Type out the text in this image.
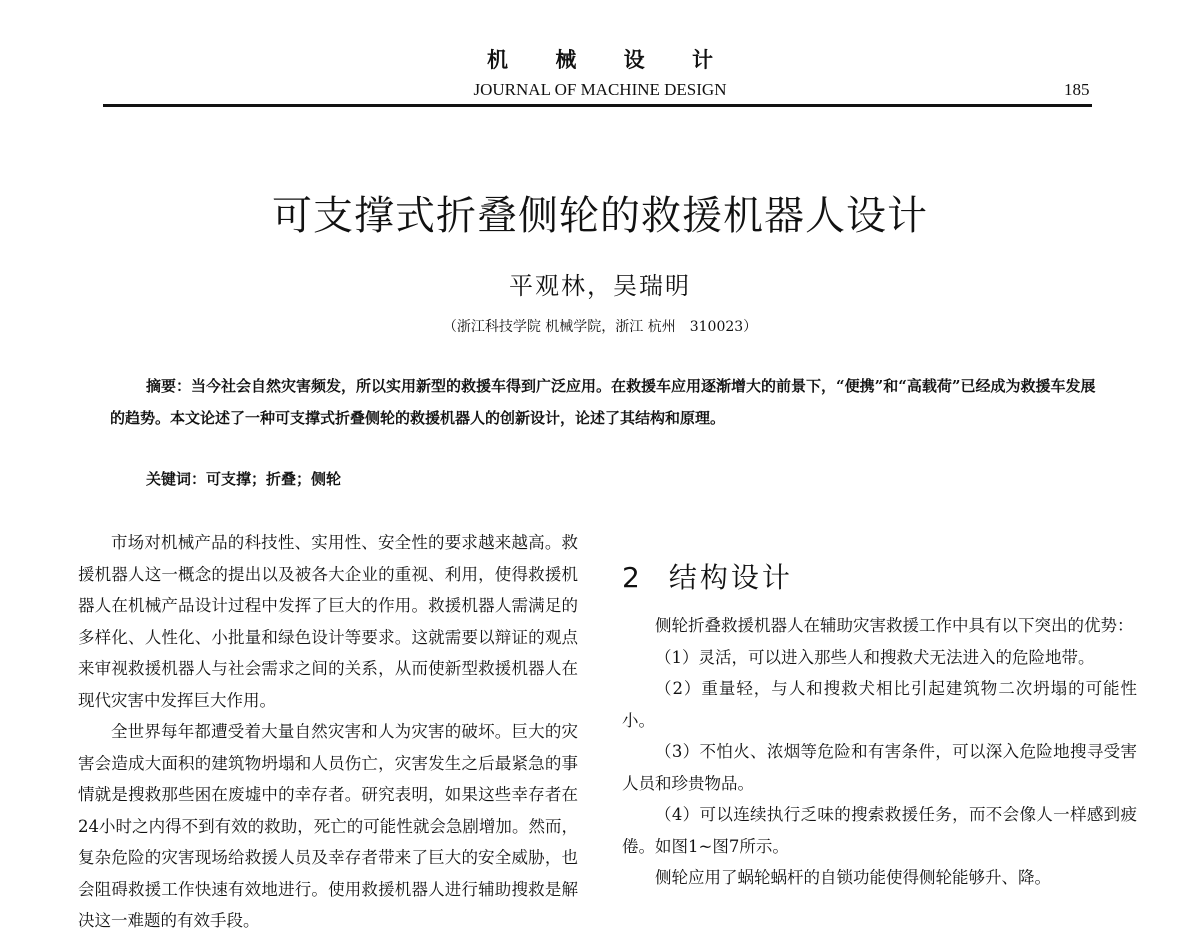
机 械 设 计
JOURNAL OF MACHINE DESIGN	185
可支撑式折叠侧轮的救援机器人设计
平观林，吴瑞明
（浙江科技学院 机械学院，浙江 杭州　310023）
摘要：当今社会自然灾害频发，所以实用新型的救援车得到广泛应用。在救援车应用逐渐增大的前景下，“便携”和“高载荷”已经成为救援车发展的趋势。本文论述了一种可支撑式折叠侧轮的救援机器人的创新设计，论述了其结构和原理。
关键词：可支撑；折叠；侧轮

市场对机械产品的科技性、实用性、安全性的要求越来越高。救援机器人这一概念的提出以及被各大企业的重视、利用，使得救援机器人在机械产品设计过程中发挥了巨大的作用。救援机器人需满足的多样化、人性化、小批量和绿色设计等要求。这就需要以辩证的观点来审视救援机器人与社会需求之间的关系，从而使新型救援机器人在现代灾害中发挥巨大作用。

全世界每年都遭受着大量自然灾害和人为灾害的破坏。巨大的灾害会造成大面积的建筑物坍塌和人员伤亡，灾害发生之后最紧急的事情就是搜救那些困在废墟中的幸存者。研究表明，如果这些幸存者在24小时之内得不到有效的救助，死亡的可能性就会急剧增加。然而，复杂危险的灾害现场给救援人员及幸存者带来了巨大的安全威胁，也会阻碍救援工作快速有效地进行。使用救援机器人进行辅助搜救是解决这一难题的有效手段。

2 结构设计

侧轮折叠救援机器人在辅助灾害救援工作中具有以下突出的优势：

（1）灵活，可以进入那些人和搜救犬无法进入的危险地带。

（2）重量轻，与人和搜救犬相比引起建筑物二次坍塌的可能性小。

（3）不怕火、浓烟等危险和有害条件，可以深入危险地搜寻受害人员和珍贵物品。

（4）可以连续执行乏味的搜索救援任务，而不会像人一样感到疲倦。如图1~图7所示。

侧轮应用了蜗轮蜗杆的自锁功能使得侧轮能够升、降。
